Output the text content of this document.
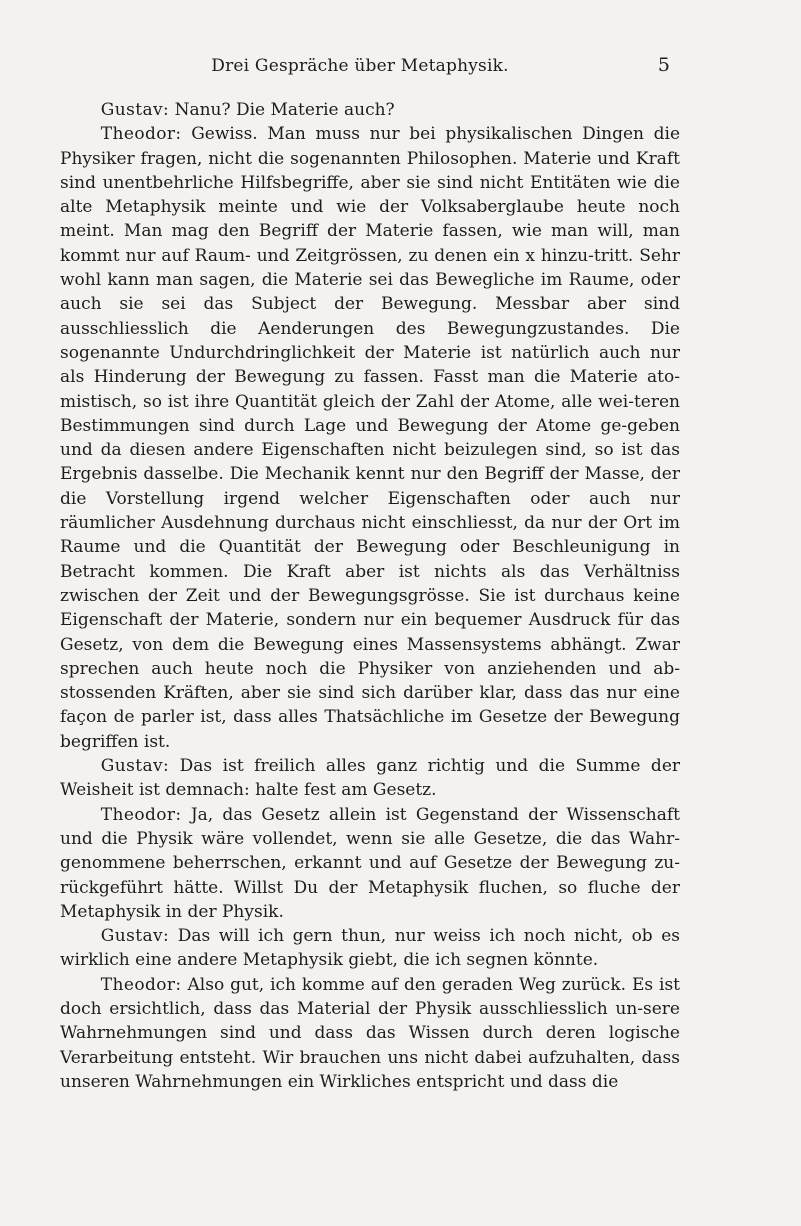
Drei Gespräche über Metaphysik.	5

Gustav: Nanu? Die Materie auch?

Theodor: Gewiss. Man muss nur bei physikalischen Dingen die Physiker fragen, nicht die sogenannten Philosophen. Materie und Kraft sind unentbehrliche Hilfsbegriffe, aber sie sind nicht Entitäten wie die alte Metaphysik meinte und wie der Volksaberglaube heute noch meint. Man mag den Begriff der Materie fassen, wie man will, man kommt nur auf Raum- und Zeitgrössen, zu denen ein x hinzu-tritt. Sehr wohl kann man sagen, die Materie sei das Bewegliche im Raume, oder auch sie sei das Subject der Bewegung. Messbar aber sind ausschliesslich die Aenderungen des Bewegungzustandes. Die sogenannte Undurchdringlichkeit der Materie ist natürlich auch nur als Hinderung der Bewegung zu fassen. Fasst man die Materie ato-mistisch, so ist ihre Quantität gleich der Zahl der Atome, alle wei-teren Bestimmungen sind durch Lage und Bewegung der Atome ge-geben und da diesen andere Eigenschaften nicht beizulegen sind, so ist das Ergebnis dasselbe. Die Mechanik kennt nur den Begriff der Masse, der die Vorstellung irgend welcher Eigenschaften oder auch nur räumlicher Ausdehnung durchaus nicht einschliesst, da nur der Ort im Raume und die Quantität der Bewegung oder Beschleunigung in Betracht kommen. Die Kraft aber ist nichts als das Verhältniss zwischen der Zeit und der Bewegungsgrösse. Sie ist durchaus keine Eigenschaft der Materie, sondern nur ein bequemer Ausdruck für das Gesetz, von dem die Bewegung eines Massensystems abhängt. Zwar sprechen auch heute noch die Physiker von anziehenden und ab-stossenden Kräften, aber sie sind sich darüber klar, dass das nur eine façon de parler ist, dass alles Thatsächliche im Gesetze der Bewegung begriffen ist.

Gustav: Das ist freilich alles ganz richtig und die Summe der Weisheit ist demnach: halte fest am Gesetz.

Theodor: Ja, das Gesetz allein ist Gegenstand der Wissenschaft und die Physik wäre vollendet, wenn sie alle Gesetze, die das Wahr-genommene beherrschen, erkannt und auf Gesetze der Bewegung zu-rückgeführt hätte. Willst Du der Metaphysik fluchen, so fluche der Metaphysik in der Physik.

Gustav: Das will ich gern thun, nur weiss ich noch nicht, ob es wirklich eine andere Metaphysik giebt, die ich segnen könnte.

Theodor: Also gut, ich komme auf den geraden Weg zurück. Es ist doch ersichtlich, dass das Material der Physik ausschliesslich un-sere Wahrnehmungen sind und dass das Wissen durch deren logische Verarbeitung entsteht. Wir brauchen uns nicht dabei aufzuhalten, dass unseren Wahrnehmungen ein Wirkliches entspricht und dass die
